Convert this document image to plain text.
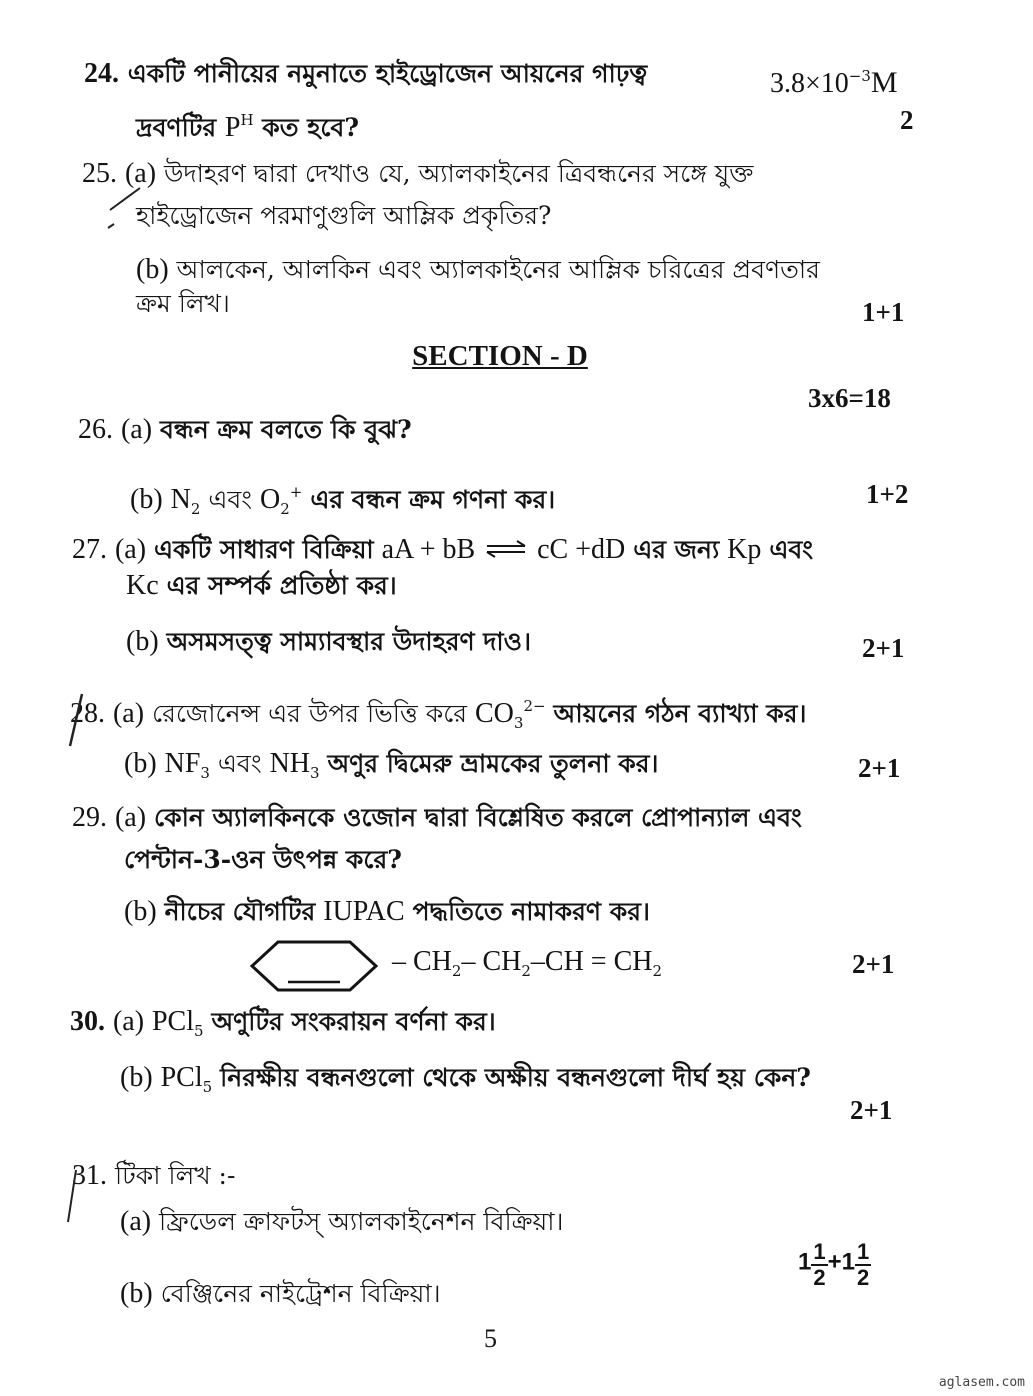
24. একটি পানীয়ের নমুনাতে হাইড্রোজেন আয়নের গাঢ়ত্ব	$3.8\times 10^{-3}M$
দ্রবণটির $P^H$ কত হবে?	2
25. (a) উদাহরণ দ্বারা দেখাও যে, অ্যালকাইনের ত্রিবন্ধনের সঙ্গে যুক্ত
হাইড্রোজেন পরমাণুগুলি আম্লিক প্রকৃতির?
(b) আলকেন, আলকিন এবং অ্যালকাইনের আম্লিক চরিত্রের প্রবণতার
ক্রম লিখ।	1+1
SECTION - D
3x6=18
26. (a) বন্ধন ক্রম বলতে কি বুঝ?
(b) $N_2$ এবং $O_2^+$ এর বন্ধন ক্রম গণনা কর।	1+2
27. (a) একটি সাধারণ বিক্রিয়া aA + bB ⇌ cC +dD এর জন্য Kp এবং
Kc এর সম্পর্ক প্রতিষ্ঠা কর।
(b) অসমসত্ত্ব সাম্যাবস্থার উদাহরণ দাও।	2+1
28. (a) রেজোনেন্স এর উপর ভিত্তি করে $CO_3^{2-}$ আয়নের গঠন ব্যাখ্যা কর।
(b) $NF_3$ এবং $NH_3$ অণুর দ্বিমেরু ভ্রামকের তুলনা কর।	2+1
29. (a) কোন অ্যালকিনকে ওজোন দ্বারা বিশ্লেষিত করলে প্রোপান্যাল এবং
পেন্টান-3-ওন উৎপন্ন করে?
(b) নীচের যৌগটির IUPAC পদ্ধতিতে নামাকরণ কর।
– $CH_2-$ $CH_2-CH = CH_2$	2+1
30. (a) PCl$_5$ অণুটির সংকরায়ন বর্ণনা কর।
(b) PCl$_5$ নিরক্ষীয় বন্ধনগুলো থেকে অক্ষীয় বন্ধনগুলো দীর্ঘ হয় কেন?
2+1
31. টিকা লিখ :-
(a) ফ্রিডেল ক্রাফটস্ অ্যালকাইনেশন বিক্রিয়া।
(b) বেঞ্জিনের নাইট্রেশন বিক্রিয়া।
$1 \frac{1}{2} +1 \frac{1}{2}$
5
aglasem.com
